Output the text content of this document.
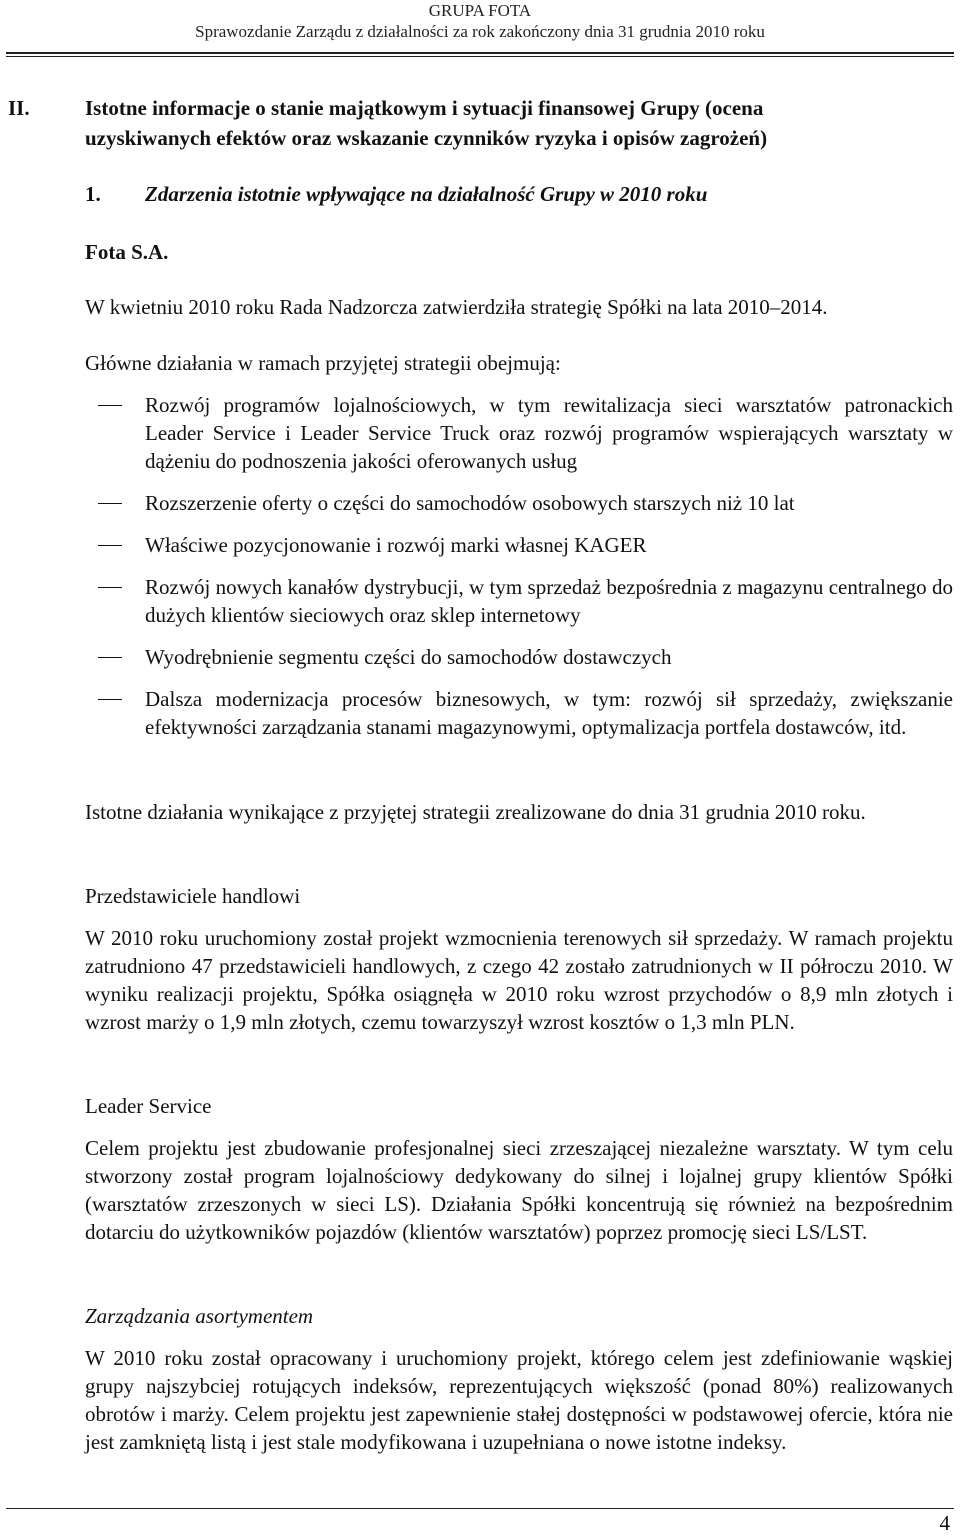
GRUPA FOTA
Sprawozdanie Zarządu z działalności za rok zakończony dnia 31 grudnia 2010 roku
II.	Istotne informacje o stanie majątkowym i sytuacji finansowej Grupy (ocena
uzyskiwanych efektów oraz wskazanie czynników ryzyka i opisów zagrożeń)
1. Zdarzenia istotnie wpływające na działalność Grupy w 2010 roku
Fota S.A.
W kwietniu 2010 roku Rada Nadzorcza zatwierdziła strategię Spółki na lata 2010–2014.
Główne działania w ramach przyjętej strategii obejmują:
Rozwój programów lojalnościowych, w tym rewitalizacja sieci warsztatów patronackich Leader Service i Leader Service Truck oraz rozwój programów wspierających warsztaty w dążeniu do podnoszenia jakości oferowanych usług
Rozszerzenie oferty o części do samochodów osobowych starszych niż 10 lat
Właściwe pozycjonowanie i rozwój marki własnej KAGER
Rozwój nowych kanałów dystrybucji, w tym sprzedaż bezpośrednia z magazynu centralnego do dużych klientów sieciowych oraz sklep internetowy
Wyodrębnienie segmentu części do samochodów dostawczych
Dalsza modernizacja procesów biznesowych, w tym: rozwój sił sprzedaży, zwiększanie efektywności zarządzania stanami magazynowymi, optymalizacja portfela dostawców, itd.
Istotne działania wynikające z przyjętej strategii zrealizowane do dnia 31 grudnia 2010 roku.
Przedstawiciele handlowi
W 2010 roku uruchomiony został projekt wzmocnienia terenowych sił sprzedaży. W ramach projektu zatrudniono 47 przedstawicieli handlowych, z czego 42 zostało zatrudnionych w II półroczu 2010. W wyniku realizacji projektu, Spółka osiągnęła w 2010 roku wzrost przychodów o 8,9 mln złotych i wzrost marży o 1,9 mln złotych, czemu towarzyszył wzrost kosztów o 1,3 mln PLN.
Leader Service
Celem projektu jest zbudowanie profesjonalnej sieci zrzeszającej niezależne warsztaty. W tym celu stworzony został program lojalnościowy dedykowany do silnej i lojalnej grupy klientów Spółki (warsztatów zrzeszonych w sieci LS). Działania Spółki koncentrują się również na bezpośrednim dotarciu do użytkowników pojazdów (klientów warsztatów) poprzez promocję sieci LS/LST.
Zarządzania asortymentem
W 2010 roku został opracowany i uruchomiony projekt, którego celem jest zdefiniowanie wąskiej grupy najszybciej rotujących indeksów, reprezentujących większość (ponad 80%) realizowanych obrotów i marży. Celem projektu jest zapewnienie stałej dostępności w podstawowej ofercie, która nie jest zamkniętą listą i jest stale modyfikowana i uzupełniana o nowe istotne indeksy.
4
